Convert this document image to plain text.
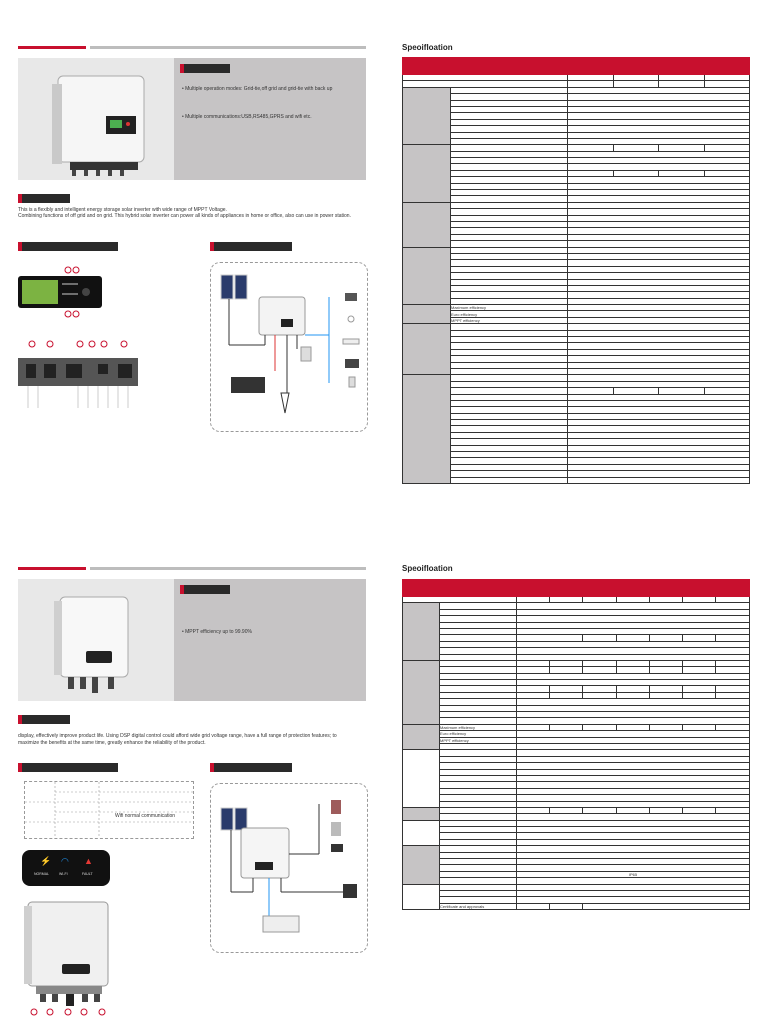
• Multiple operation modes: Grid-tie,off grid and grid-tie with back up
• Multiple communications:USB,RS485,GPRS and wifi etc.
This is a flexibly and intelligent energy storage solar inverter with wide range of MPPT Voltage.
Combining functions of off grid and on grid. This hybrid solar inverter can power all kinds of appliances in home or office, also can use in power station.
Speoifloation

	Maximum efficiency				
	Euro efficiency				
	MPPT efficiency				

• MPPT efficiency up to 99.90%
display, effectively improve product life. Using DSP digital control could afford wide grid voltage range, have a full range of protection features; to
maximize the benefits at the same time, greatly enhance the reliability of the product.
Wifi normal communication
⚡ ◠ ▲
NORMAL	WI-FI	FAULT
Speoifloation

	Maximum efficiency							
	Euro efficiency							
	MPPT efficiency							

		IP65						

	Certificate and approvals							
